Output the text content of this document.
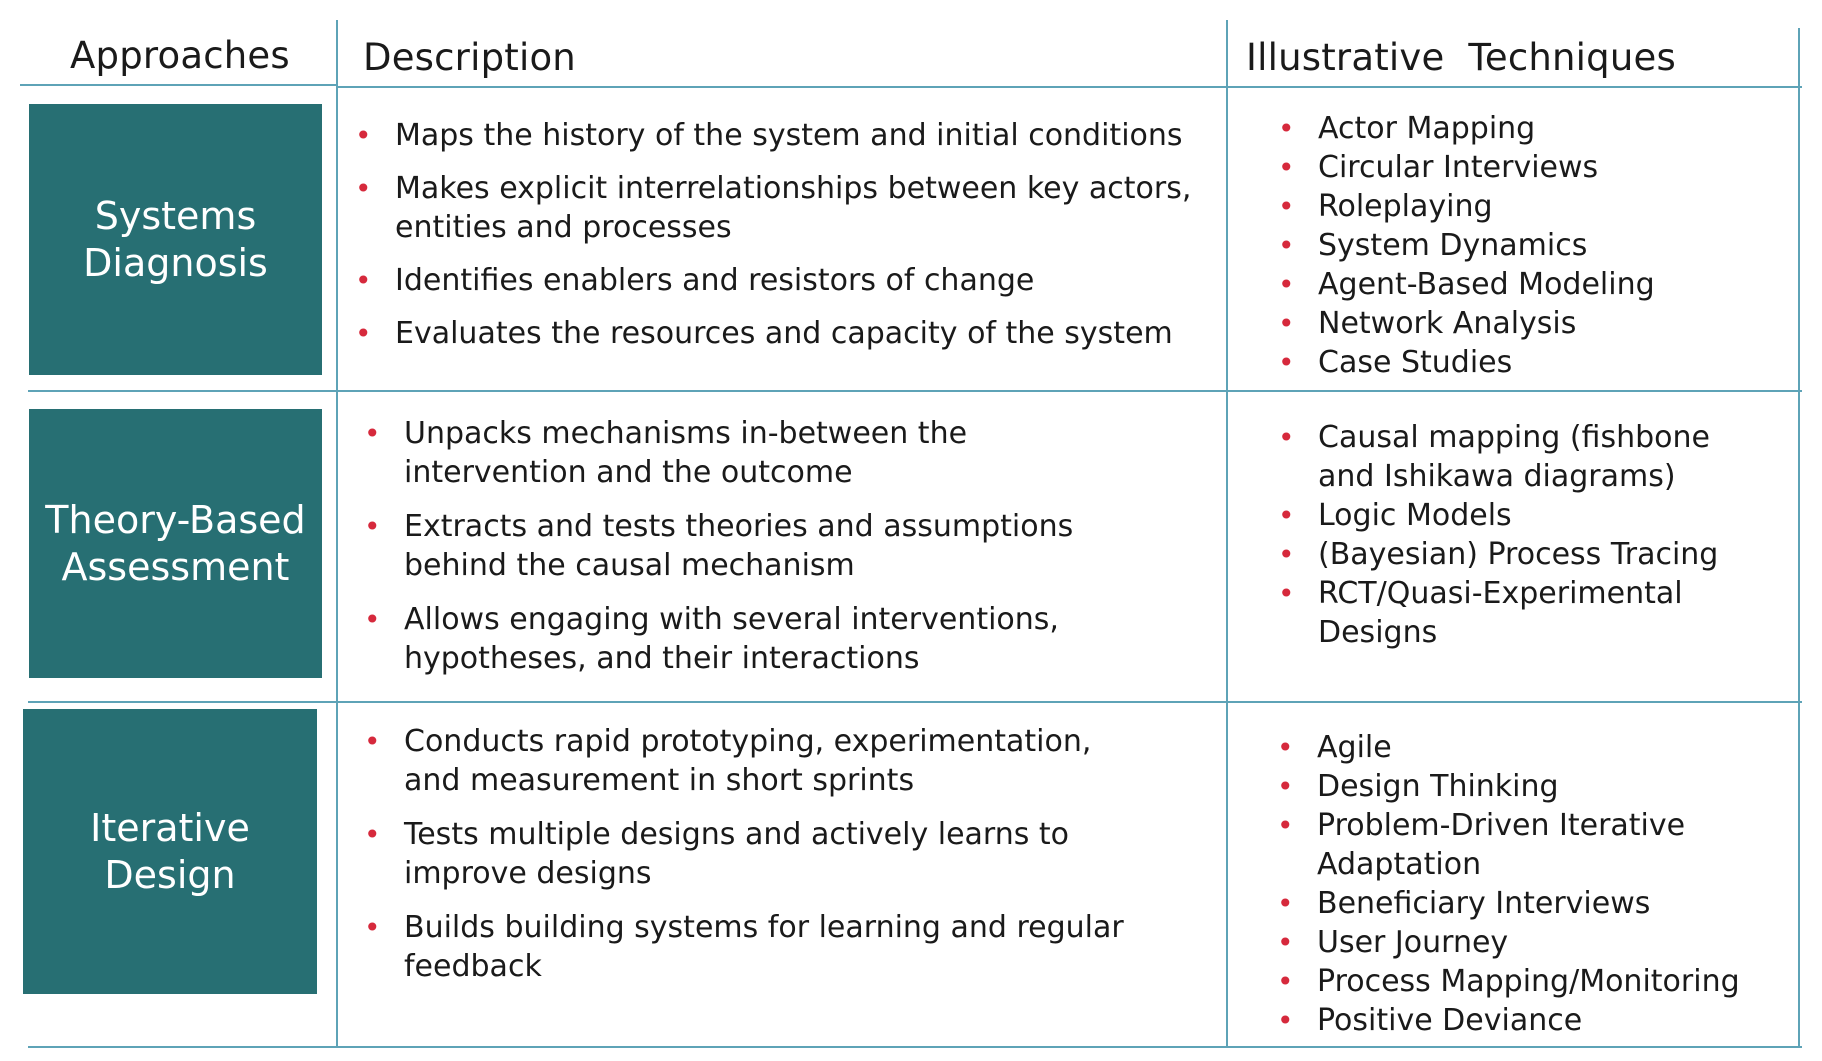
Approaches Description	Illustrative  Techniques
Systems
Diagnosis
• Maps the history of the system and initial conditions
• Makes explicit interrelationships between key actors, entities and processes
• Identifies enablers and resistors of change
• Evaluates the resources and capacity of the system
• Actor Mapping
• Circular Interviews
• Roleplaying
• System Dynamics
• Agent-Based Modeling
• Network Analysis
• Case Studies
Theory-Based
Assessment
• Unpacks mechanisms in-between the intervention and the outcome
• Extracts and tests theories and assumptions behind the causal mechanism
• Allows engaging with several interventions, hypotheses, and their interactions
• Causal mapping (fishbone and Ishikawa diagrams)
• Logic Models
• (Bayesian) Process Tracing
• RCT/Quasi-Experimental Designs
Iterative
Design
• Conducts rapid prototyping, experimentation, and measurement in short sprints
• Tests multiple designs and actively learns to improve designs
• Builds building systems for learning and regular feedback
• Agile
• Design Thinking
• Problem-Driven Iterative Adaptation
• Beneficiary Interviews
• User Journey
• Process Mapping/Monitoring
• Positive Deviance
